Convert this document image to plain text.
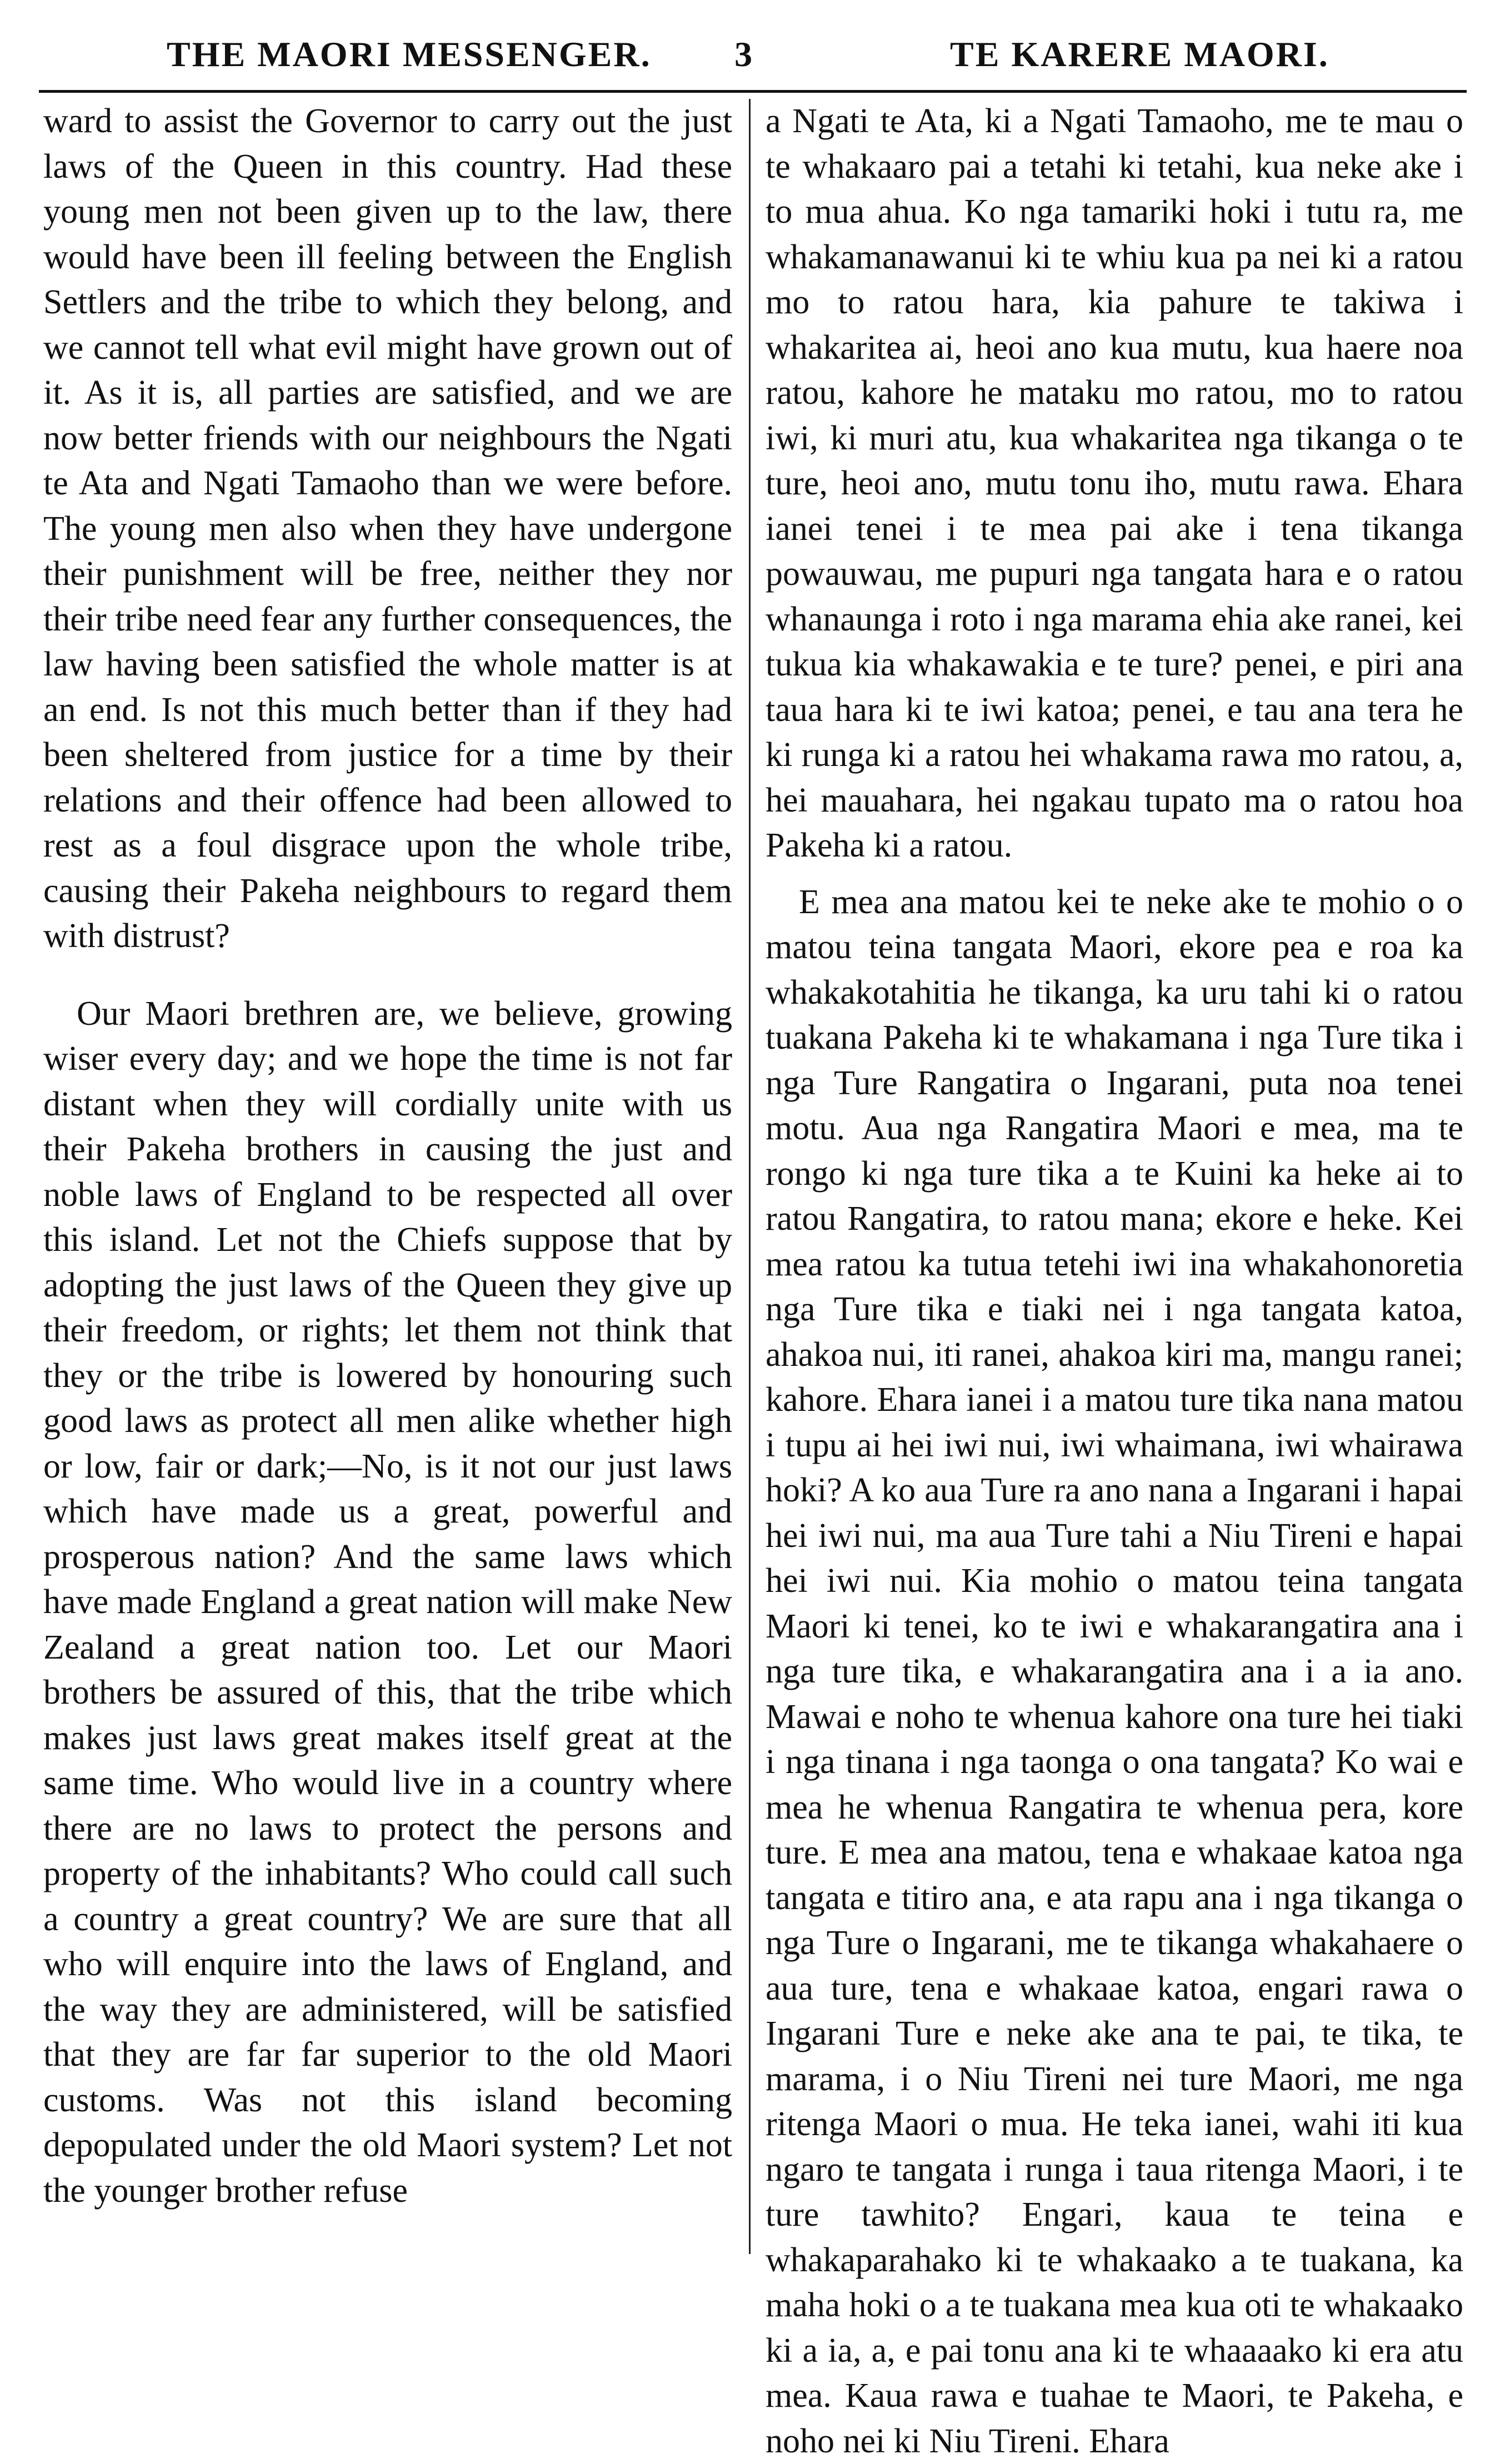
THE MAORI MESSENGER. 3	TE KARERE MAORI.

ward to assist the Governor to carry out the just laws of the Queen in this country. Had these young men not been given up to the law, there would have been ill feeling between the English Settlers and the tribe to which they belong, and we cannot tell what evil might have grown out of it. As it is, all parties are satisfied, and we are now better friends with our neighbours the Ngati te Ata and Ngati Tamaoho than we were before. The young men also when they have undergone their punishment will be free, neither they nor their tribe need fear any further consequences, the law having been satisfied the whole matter is at an end. Is not this much better than if they had been sheltered from justice for a time by their relations and their offence had been allowed to rest as a foul disgrace upon the whole tribe, causing their Pakeha neighbours to regard them with distrust?

Our Maori brethren are, we believe, growing wiser every day; and we hope the time is not far distant when they will cordially unite with us their Pakeha brothers in causing the just and noble laws of England to be respected all over this island. Let not the Chiefs suppose that by adopting the just laws of the Queen they give up their freedom, or rights; let them not think that they or the tribe is lowered by honouring such good laws as protect all men alike whether high or low, fair or dark;—No, is it not our just laws which have made us a great, powerful and prosperous nation? And the same laws which have made England a great nation will make New Zealand a great nation too. Let our Maori brothers be assured of this, that the tribe which makes just laws great makes itself great at the same time. Who would live in a country where there are no laws to protect the persons and property of the inhabitants? Who could call such a country a great country? We are sure that all who will enquire into the laws of England, and the way they are administered, will be satisfied that they are far far superior to the old Maori customs. Was not this island becoming depopulated under the old Maori system? Let not the younger brother refuse

a Ngati te Ata, ki a Ngati Tamaoho, me te mau o te whakaaro pai a tetahi ki tetahi, kua neke ake i to mua ahua. Ko nga tamariki hoki i tutu ra, me whakamanawanui ki te whiu kua pa nei ki a ratou mo to ratou hara, kia pahure te takiwa i whakaritea ai, heoi ano kua mutu, kua haere noa ratou, kahore he mataku mo ratou, mo to ratou iwi, ki muri atu, kua whakaritea nga tikanga o te ture, heoi ano, mutu tonu iho, mutu rawa. Ehara ianei tenei i te mea pai ake i tena tikanga powauwau, me pupuri nga tangata hara e o ratou whanaunga i roto i nga marama ehia ake ranei, kei tukua kia whakawakia e te ture? penei, e piri ana taua hara ki te iwi katoa; penei, e tau ana tera he ki runga ki a ratou hei whakama rawa mo ratou, a, hei mauahara, hei ngakau tupato ma o ratou hoa Pakeha ki a ratou.

E mea ana matou kei te neke ake te mohio o o matou teina tangata Maori, ekore pea e roa ka whakakotahitia he tikanga, ka uru tahi ki o ratou tuakana Pakeha ki te whakamana i nga Ture tika i nga Ture Rangatira o Ingarani, puta noa tenei motu. Aua nga Rangatira Maori e mea, ma te rongo ki nga ture tika a te Kuini ka heke ai to ratou Rangatira, to ratou mana; ekore e heke. Kei mea ratou ka tutua tetehi iwi ina whakahonoretia nga Ture tika e tiaki nei i nga tangata katoa, ahakoa nui, iti ranei, ahakoa kiri ma, mangu ranei; kahore. Ehara ianei i a matou ture tika nana matou i tupu ai hei iwi nui, iwi whaimana, iwi whairawa hoki? A ko aua Ture ra ano nana a Ingarani i hapai hei iwi nui, ma aua Ture tahi a Niu Tireni e hapai hei iwi nui. Kia mohio o matou teina tangata Maori ki tenei, ko te iwi e whakarangatira ana i nga ture tika, e whakarangatira ana i a ia ano. Mawai e noho te whenua kahore ona ture hei tiaki i nga tinana i nga taonga o ona tangata? Ko wai e mea he whenua Rangatira te whenua pera, kore ture. E mea ana matou, tena e whakaae katoa nga tangata e titiro ana, e ata rapu ana i nga tikanga o nga Ture o Ingarani, me te tikanga whakahaere o aua ture, tena e whakaae katoa, engari rawa o Ingarani Ture e neke ake ana te pai, te tika, te marama, i o Niu Tireni nei ture Maori, me nga ritenga Maori o mua. He teka ianei, wahi iti kua ngaro te tangata i runga i taua ritenga Maori, i te ture tawhito? Engari, kaua te teina e whakaparahako ki te whakaako a te tuakana, ka maha hoki o a te tuakana mea kua oti te whakaako ki a ia, a, e pai tonu ana ki te whaaaako ki era atu mea. Kaua rawa e tuahae te Maori, te Pakeha, e noho nei ki Niu Tireni. Ehara
